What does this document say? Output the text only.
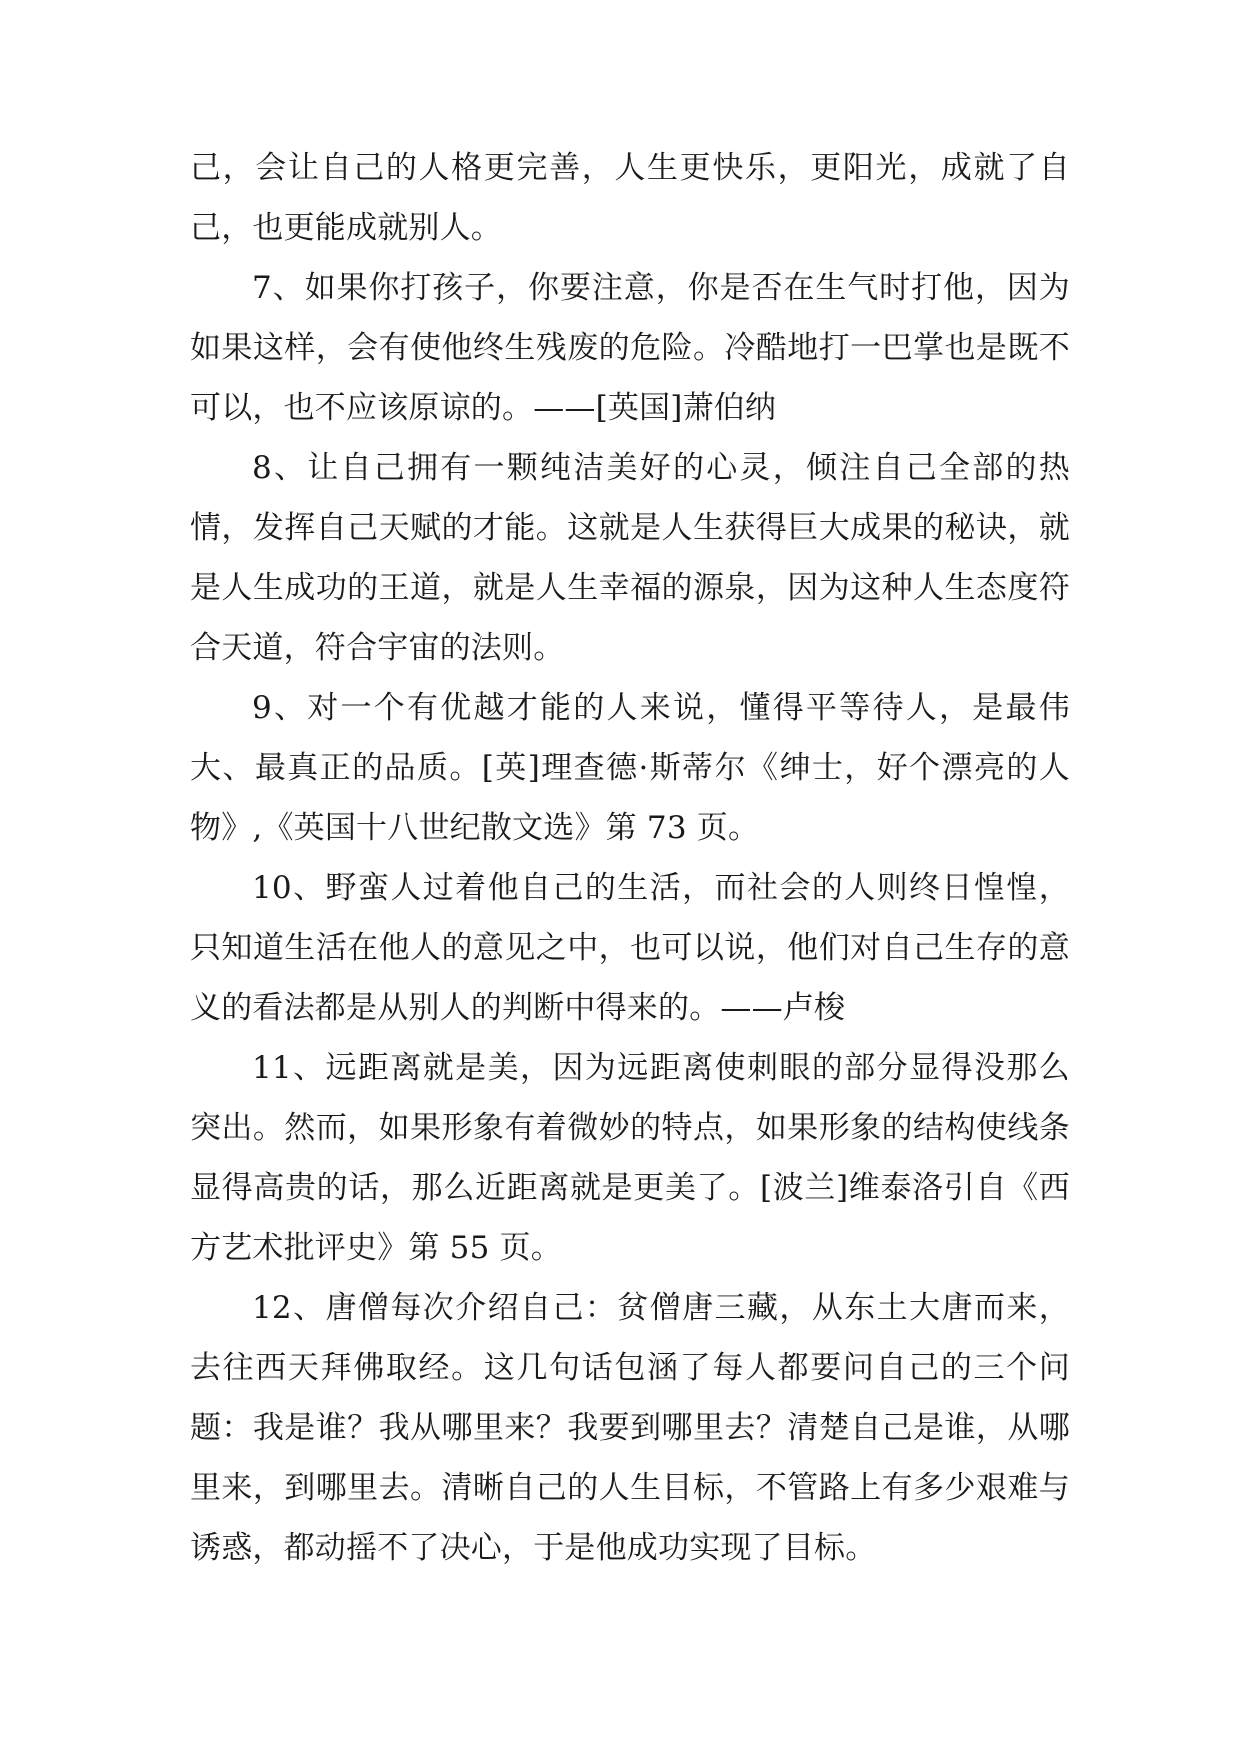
己，会让自己的人格更完善，人生更快乐，更阳光，成就了自己，也更能成就别人。

7、如果你打孩子，你要注意，你是否在生气时打他，因为如果这样，会有使他终生残废的危险。冷酷地打一巴掌也是既不可以，也不应该原谅的。——[英国]萧伯纳

8、让自己拥有一颗纯洁美好的心灵，倾注自己全部的热情，发挥自己天赋的才能。这就是人生获得巨大成果的秘诀，就是人生成功的王道，就是人生幸福的源泉，因为这种人生态度符合天道，符合宇宙的法则。

9、对一个有优越才能的人来说，懂得平等待人，是最伟大、最真正的品质。[英]理查德·斯蒂尔《绅士，好个漂亮的人物》,《英国十八世纪散文选》第 73 页。

10、野蛮人过着他自己的生活，而社会的人则终日惶惶，只知道生活在他人的意见之中，也可以说，他们对自己生存的意义的看法都是从别人的判断中得来的。——卢梭

11、远距离就是美，因为远距离使刺眼的部分显得没那么突出。然而，如果形象有着微妙的特点，如果形象的结构使线条显得高贵的话，那么近距离就是更美了。[波兰]维泰洛引自《西方艺术批评史》第 55 页。

12、唐僧每次介绍自己：贫僧唐三藏，从东土大唐而来，去往西天拜佛取经。这几句话包涵了每人都要问自己的三个问题：我是谁？我从哪里来？我要到哪里去？清楚自己是谁，从哪里来，到哪里去。清晰自己的人生目标，不管路上有多少艰难与诱惑，都动摇不了决心，于是他成功实现了目标。
